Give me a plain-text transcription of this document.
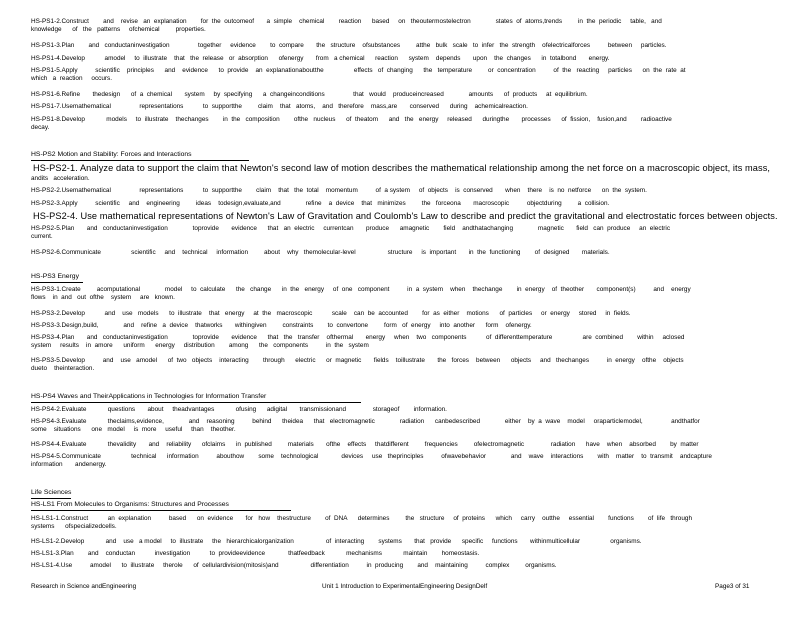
HS-PS1-2.Construct        and    revise   an  explanation        for  the  outcomeof       a  simple    chemical        reaction      based     on   theoutermostelectron              states  of  atoms,trends         in  the  periodic     table,   and
knowledge      of   the   patterns     ofchemical         properties.
HS-PS1-3.Plan        and   conductaninvestigation                together     evidence        to  compare       the   structure    ofsubstances         atthe   bulk   scale   to  infer   the  strength    ofelectricalforces          between     particles.
HS-PS1-4.Develop           amodel     to  illustrate    that   the  release   or  absorption      ofenergy       from   a chemical      reaction      system    depends       upon    the  changes      in  totalbond       energy.
HS-PS1-5.Apply          scientific    principles      and    evidence      to  provide    an  explanationaboutthe                 effects   of  changing      the   temperature         or  concentration          of  the   reacting     particles      on  the  rate  at
which   a  reaction     occurs.
HS-PS1-6.Refine       thedesign      of  a  chemical       system     by  specifying      a  changeinconditions                that   would    produceincreased              amounts      of  products     at  equilibrium.
HS-PS1-7.Usemathematical                representations           to  supportthe         claim    that   atoms,    and   therefore    mass,are       conserved      during    achemicalreaction.
HS-PS1-8.Develop            models     to  illustrate    thechanges        in  the   composition        ofthe   nucleus      of  theatom      and   the   energy     released      duringthe       processes      of  fission,    fusion,and        radioactive
decay.
HS-PS2 Motion and Stability: Forces and Interactions
HS-PS2-1. Analyze data to support the claim that Newton's second law of motion describes the mathematical relationship among the net force on a macroscopic object, its mass,
andits   acceleration.
HS-PS2-2.Usemathematical                representations           to  supportthe        claim    that   the  total    momentum          of  a system     of  objects    is  conserved       when    there    is  no  netforce      on  the  system.
HS-PS2-3.Apply          scientific     and    engineering         ideas    todesign,evaluate,and              refine    a  device    that   minimizes         the   forceona       macroscopic          objectduring         a  collision.
HS-PS2-4. Use mathematical representations of Newton's Law of Gravitation and Coulomb's Law to describe and predict the gravitational and electrostatic forces between objects.
HS-PS2-5.Plan       and   conductaninvestigation              toprovide       evidence      that   an  electric     currentcan       produce      amagnetic        field    andthatachanging              magnetic       field   can  produce     an  electric
current.
HS-PS2-6.Communicate                 scientific     and    technical     information         about    why   themolecular-level                  structure     is  important       in  the  functioning        of  designed       materials.
HS-PS3 Energy
HS-PS3-1.Create         acomputational              model     to  calculate      the   change      in  the   energy     of  one   component          in  a  system    when    thechange        in  energy    of  theother       component(s)          and    energy
flows    in  and   out  ofthe    system     are   known.
HS-PS3-2.Develop           and    use   models      to  illustrate    that   energy     at  the   macroscopic           scale    can  be  accounted        for  as  either    motions      of  particles     or  energy     stored     in  fields.
HS-PS3-3.Design,build,              and    refine   a  device    thatworks       withingiven         constraints        to  convertone         form   of  energy     into  another      form    ofenergy.
HS-PS3-4.Plan       and   conductaninvestigation              toprovide       evidence      that   the   transfer    ofthermal       energy     when    two   components           of  differenttemperature                 are  combined        within     aclosed
system     results    in  amore      uniform      energy     distribution        among      the   components          in  the   system
HS-PS3-5.Develop          and    use   amodel      of  two   objects    interacting        through      electric      or  magnetic       fields    toillustrate       the   forces    between      objects     and   thechanges          in  energy    ofthe    objects
dueto    theinteraction.
HS-PS4 Waves and TheirApplications in Technologies for Information Transfer
HS-PS4-2.Evaluate            questions       about     theadvantages            ofusing      adigital       transmissionand               storageof        information.
HS-PS4-3.Evaluate            theclaims,evidence,              and    reasoning          behind      theidea      that   electromagnetic              radiation      canbedescribed              either    by  a  wave    model     oraparticlemodel,                andthatfor
some    situations      one   model     is  more     useful     than    theother.
HS-PS4-4.Evaluate            thevalidity       and    reliability      ofclaims      in  published         materials       ofthe    effects     thatdifferent         frequencies         ofelectromagnetic               radiation      have    when    absorbed        by  matter
HS-PS4-5.Communicate                 technical      information          abouthow        some    technological             devices     use   theprinciples          ofwavebehavior              and    wave    interactions        with    matter    to  transmit    andcapture
information       andenergy.
Life Sciences
HS-LS1 From Molecules to Organisms: Structures and Processes
HS-LS1-1.Construct           an  explanation          based      on  evidence       for   how    thestructure        of  DNA      determines         the   structure     of  proteins      which     carry    outthe     essential        functions        of  life   through
systems      ofspecializedcells.
HS-LS1-2.Develop            and    use   a model     to  illustrate     the   hierarchicalorganization                  of  interacting        systems       that   provide      specific     functions       withinmulticellular                 organisms.
HS-LS1-3.Plan        and    conductan           investigation           to  provideevidence             thatfeedback            mechanisms            maintain        homeostasis.
HS-LS1-4.Use          amodel      to  illustrate     therole      of  cellulardivision(mitosis)and                  differentiation          in  producing        and    maintaining          complex         organisms.
Research in Science andEngineering	Unit 1 Introduction to ExperimentalEngineering DesignDelf	Page3 of 31
